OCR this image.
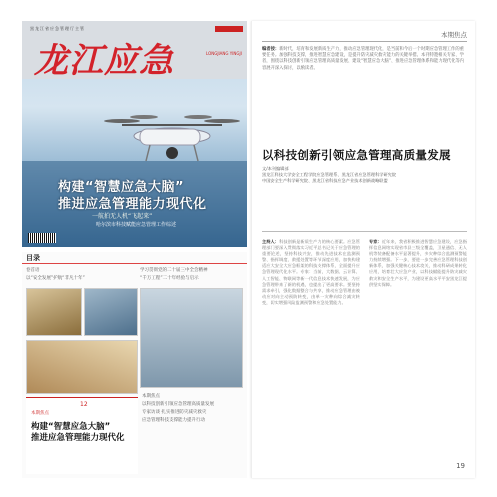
黑龙江省应急管理厅主管
龙江应急	LONGJIANG YINGJI
构建“智慧应急大脑”
推进应急管理能力现代化
一航拍无人机“飞起来”
哈尔滨市科技赋能应急管理工作综述
目录
卷首语	学习贯彻党的二十届三中全会精神
以“安全发展”护航“非凡十年”	“千万工程”二十年经验与启示
本期焦点
以科技创新引领应急管理高质量发展
专家访谈 扎实推进防灾减灾救灾
应急管理科技支撑能力提升行动
12
本期焦点
构建“智慧应急大脑”
推进应急管理能力现代化
本期焦点
编者按：新时代，培育和发展新质生产力，推动应急管理现代化，是当前和今后一个时期应急管理工作的重要任务。加强科技支撑，推进智慧应急建设，是提升防灾减灾救灾能力的关键举措。本刊特邀相关专家、学者，围绕以科技创新引领应急管理高质量发展、建设“智慧应急大脑”、推进应急管理体系和能力现代化等内容展开深入探讨，以飨读者。
以科技创新引领应急管理高质量发展
文/本刊编辑部
黑龙江科技大学安全工程学院应急管理系、黑龙江省应急管理科学研究院
中国安全生产科学研究院、黑龙江省科技应急产业技术创新战略联盟
主持人：科技创新是新质生产力的核心要素。应急管理部门要深入贯彻落实习近平总书记关于应急管理的重要论述，坚持科技兴安，推动先进技术在监测预警、指挥调度、救援处置等环节深度应用，加快构建适应大安全大应急框架的科技支撑体系，全面提升应急管理现代化水平。专家：当前，大数据、云计算、人工智能、物联网等新一代信息技术快速发展，为应急管理带来了新的机遇，也提出了更高要求。要坚持需求牵引，强化数据整合与共享，推动应急管理由被动应对向主动预防转变，由单一灾种向综合减灾转变，切实增强风险监测预警和应急处置能力。
专家：近年来，我省积极推进智慧应急建设，应急指挥信息网络实现省市县三级全覆盖，卫星通信、无人机等装备配备水平显著提升，多灾种综合监测预警能力持续增强。下一步，要进一步完善应急管理科技创新体系，加强关键核心技术攻关，推动科研成果转化应用，培育壮大应急产业，以科技赋能提升防灾减灾救灾和安全生产水平，为建设更高水平平安黑龙江提供坚实保障。
19
